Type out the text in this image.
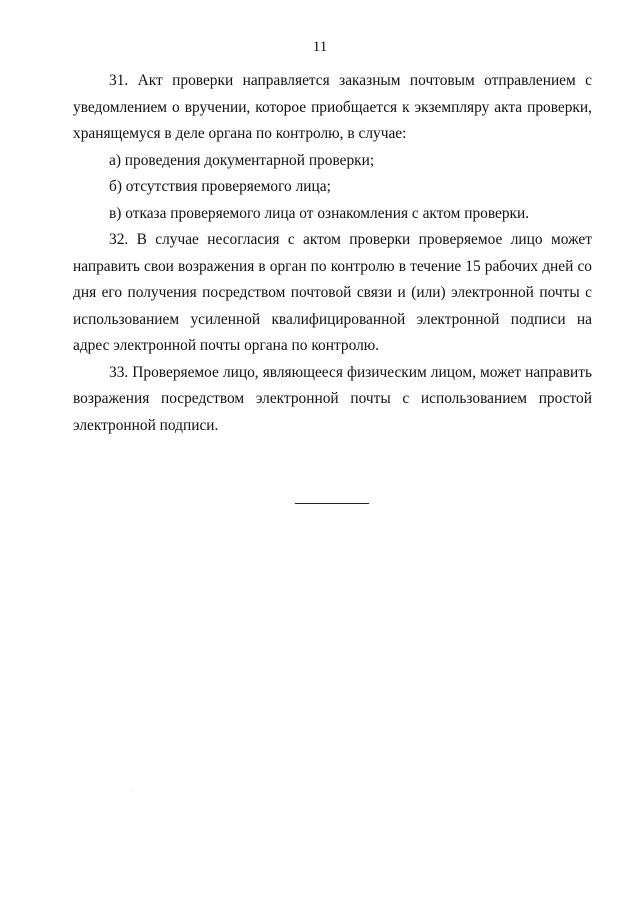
11

31. Акт проверки направляется заказным почтовым отправлением с уведомлением о вручении, которое приобщается к экземпляру акта проверки, хранящемуся в деле органа по контролю, в случае:

а) проведения документарной проверки;

б) отсутствия проверяемого лица;

в) отказа проверяемого лица от ознакомления с актом проверки.

32. В случае несогласия с актом проверки проверяемое лицо может направить свои возражения в орган по контролю в течение 15 рабочих дней со дня его получения посредством почтовой связи и (или) электронной почты с использованием усиленной квалифицированной электронной подписи на адрес электронной почты органа по контролю.

33. Проверяемое лицо, являющееся физическим лицом, может направить возражения посредством электронной почты с использованием простой электронной подписи.

· ·
